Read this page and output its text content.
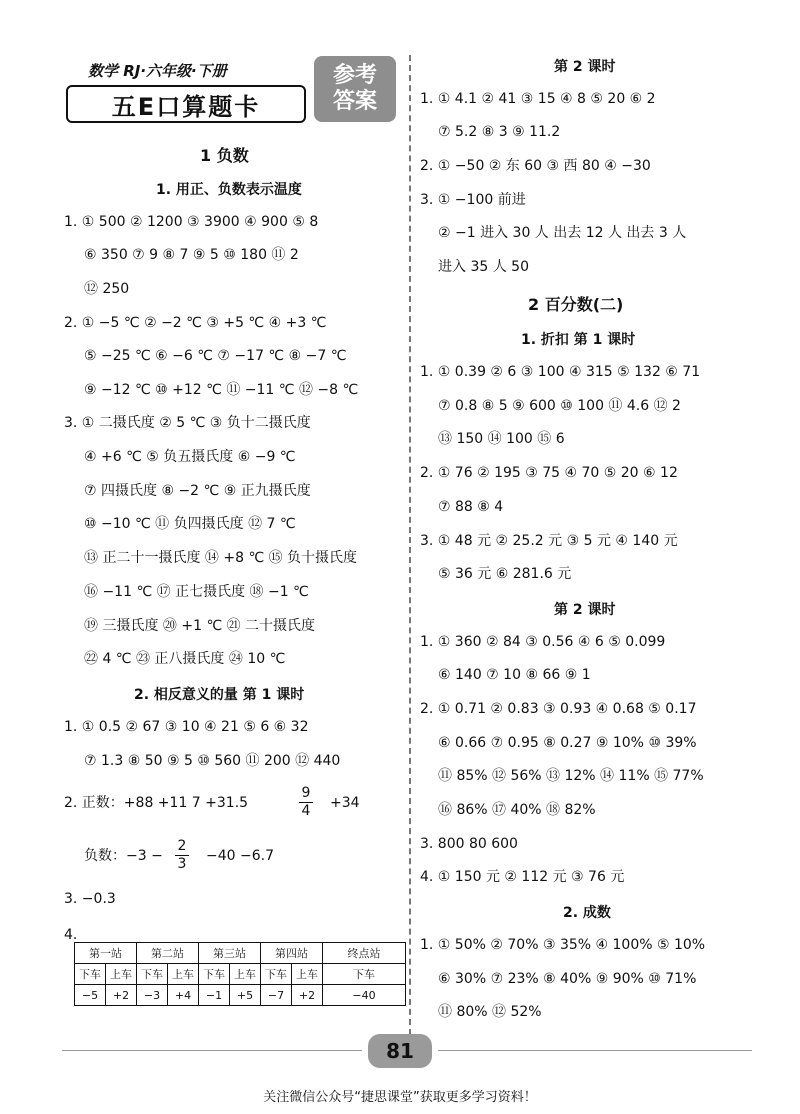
数学 RJ·六年级·下册
五E口算题卡
参考
答案
1 负数
1. 用正、负数表示温度
1. ① 500 ② 1200 ③ 3900 ④ 900 ⑤ 8
⑥ 350 ⑦ 9 ⑧ 7 ⑨ 5 ⑩ 180 ⑪ 2
⑫ 250
2. ① −5 ℃ ② −2 ℃ ③ +5 ℃ ④ +3 ℃
⑤ −25 ℃ ⑥ −6 ℃ ⑦ −17 ℃ ⑧ −7 ℃
⑨ −12 ℃ ⑩ +12 ℃ ⑪ −11 ℃ ⑫ −8 ℃
3. ① 二摄氏度 ② 5 ℃ ③ 负十二摄氏度
④ +6 ℃ ⑤ 负五摄氏度 ⑥ −9 ℃
⑦ 四摄氏度 ⑧ −2 ℃ ⑨ 正九摄氏度
⑩ −10 ℃ ⑪ 负四摄氏度 ⑫ 7 ℃
⑬ 正二十一摄氏度 ⑭ +8 ℃ ⑮ 负十摄氏度
⑯ −11 ℃ ⑰ 正七摄氏度 ⑱ −1 ℃
⑲ 三摄氏度 ⑳ +1 ℃ ㉑ 二十摄氏度
㉒ 4 ℃ ㉓ 正八摄氏度 ㉔ 10 ℃
2. 相反意义的量 第 1 课时
1. ① 0.5 ② 67 ③ 10 ④ 21 ⑤ 6 ⑥ 32
⑦ 1.3 ⑧ 50 ⑨ 5 ⑩ 560 ⑪ 200 ⑫ 440
2. 正数：+88 +11 7 +31.5	$\frac{9}{4} +34$
负数：$-3 - \frac{2}{3} -40 -6.7$
3. −0.3
4.
第一站		第二站		第三站		第四站		终点站
下车	上车	下车	上车	下车	上车	下车	上车	下车
−5	+2	−3	+4	−1	+5	−7	+2	−40
第 2 课时
1. ① 4.1 ② 41 ③ 15 ④ 8 ⑤ 20 ⑥ 2
⑦ 5.2 ⑧ 3 ⑨ 11.2
2. ① −50 ② 东 60 ③ 西 80 ④ −30
3. ① −100 前进
② −1 进入 30 人 出去 12 人 出去 3 人
进入 35 人 50
2 百分数(二)
1. 折扣 第 1 课时
1. ① 0.39 ② 6 ③ 100 ④ 315 ⑤ 132 ⑥ 71
⑦ 0.8 ⑧ 5 ⑨ 600 ⑩ 100 ⑪ 4.6 ⑫ 2
⑬ 150 ⑭ 100 ⑮ 6
2. ① 76 ② 195 ③ 75 ④ 70 ⑤ 20 ⑥ 12
⑦ 88 ⑧ 4
3. ① 48 元 ② 25.2 元 ③ 5 元 ④ 140 元
⑤ 36 元 ⑥ 281.6 元
第 2 课时
1. ① 360 ② 84 ③ 0.56 ④ 6 ⑤ 0.099
⑥ 140 ⑦ 10 ⑧ 66 ⑨ 1
2. ① 0.71 ② 0.83 ③ 0.93 ④ 0.68 ⑤ 0.17
⑥ 0.66 ⑦ 0.95 ⑧ 0.27 ⑨ 10% ⑩ 39%
⑪ 85% ⑫ 56% ⑬ 12% ⑭ 11% ⑮ 77%
⑯ 86% ⑰ 40% ⑱ 82%
3. 800 80 600
4. ① 150 元 ② 112 元 ③ 76 元
2. 成数
1. ① 50% ② 70% ③ 35% ④ 100% ⑤ 10%
⑥ 30% ⑦ 23% ⑧ 40% ⑨ 90% ⑩ 71%
⑪ 80% ⑫ 52%
81
关注微信公众号“捷思课堂”获取更多学习资料！
